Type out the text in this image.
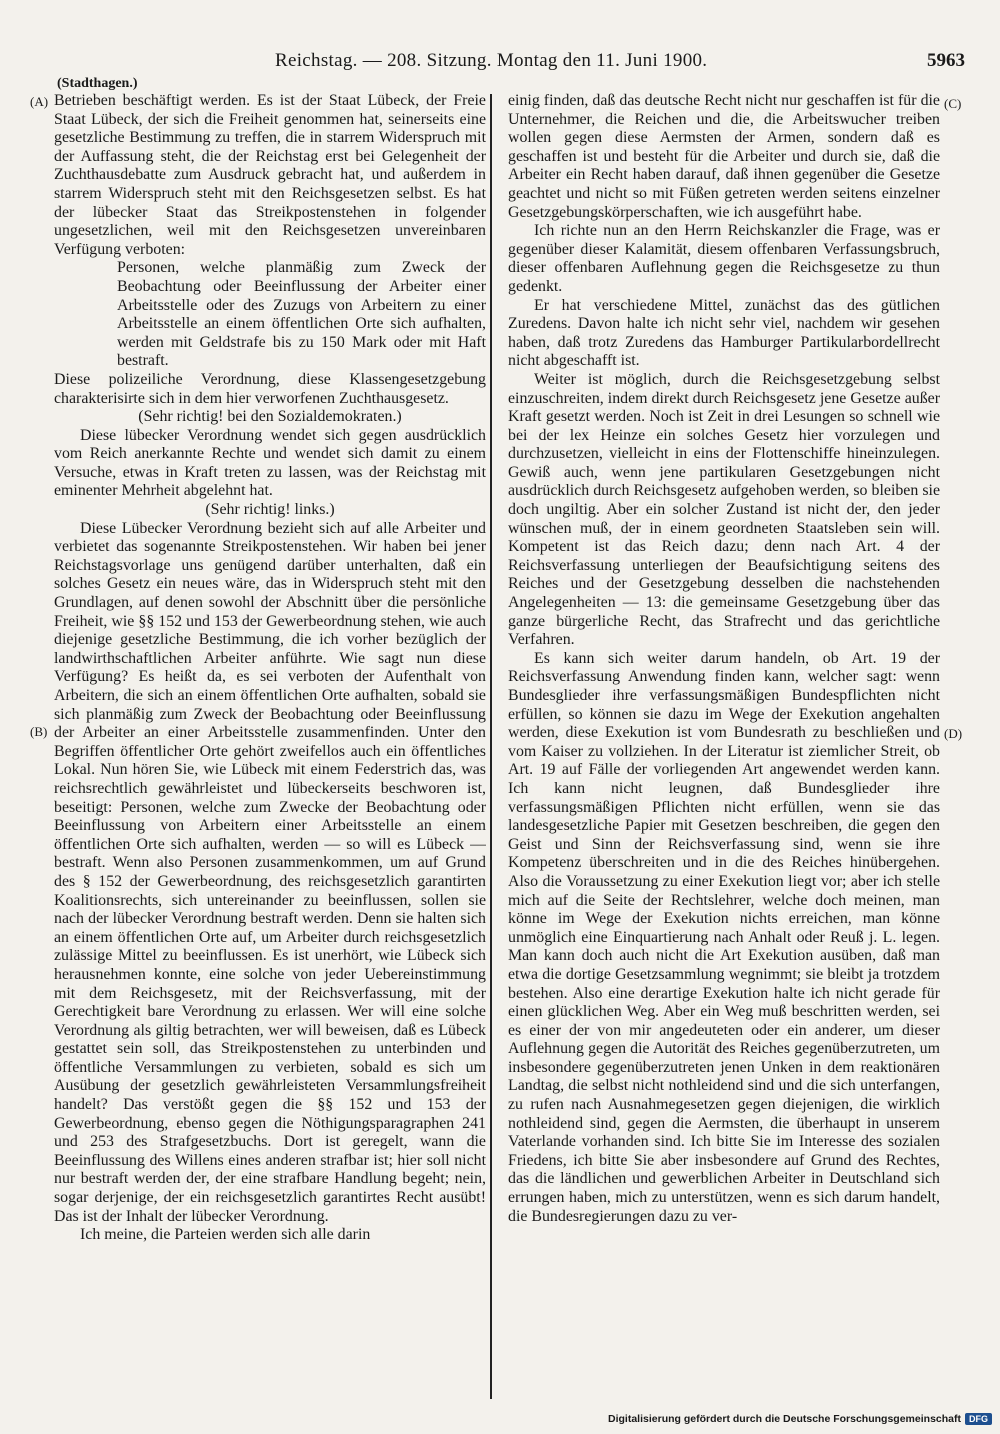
Reichstag. — 208. Sitzung. Montag den 11. Juni 1900.	5963
(Stadthagen.)
(A)
(B)
(C)
(D)

Betrieben beschäftigt werden. Es ist der Staat Lübeck, der Freie Staat Lübeck, der sich die Freiheit genommen hat, seinerseits eine gesetzliche Bestimmung zu treffen, die in starrem Widerspruch mit der Auffassung steht, die der Reichstag erst bei Gelegenheit der Zuchthausdebatte zum Ausdruck gebracht hat, und außerdem in starrem Widerspruch steht mit den Reichsgesetzen selbst. Es hat der lübecker Staat das Streikpostenstehen in folgender ungesetzlichen, weil mit den Reichsgesetzen unvereinbaren Verfügung verboten:

Personen, welche planmäßig zum Zweck der Beobachtung oder Beeinflussung der Arbeiter einer Arbeitsstelle oder des Zuzugs von Arbeitern zu einer Arbeitsstelle an einem öffentlichen Orte sich aufhalten, werden mit Geldstrafe bis zu 150 Mark oder mit Haft bestraft.

Diese polizeiliche Verordnung, diese Klassengesetzgebung charakterisirte sich in dem hier verworfenen Zuchthausgesetz.

(Sehr richtig! bei den Sozialdemokraten.)

Diese lübecker Verordnung wendet sich gegen ausdrücklich vom Reich anerkannte Rechte und wendet sich damit zu einem Versuche, etwas in Kraft treten zu lassen, was der Reichstag mit eminenter Mehrheit abgelehnt hat.

(Sehr richtig! links.)

Diese Lübecker Verordnung bezieht sich auf alle Arbeiter und verbietet das sogenannte Streikpostenstehen. Wir haben bei jener Reichstagsvorlage uns genügend darüber unterhalten, daß ein solches Gesetz ein neues wäre, das in Widerspruch steht mit den Grundlagen, auf denen sowohl der Abschnitt über die persönliche Freiheit, wie §§ 152 und 153 der Gewerbeordnung stehen, wie auch diejenige gesetzliche Bestimmung, die ich vorher bezüglich der landwirthschaftlichen Arbeiter anführte. Wie sagt nun diese Verfügung? Es heißt da, es sei verboten der Aufenthalt von Arbeitern, die sich an einem öffentlichen Orte aufhalten, sobald sie sich planmäßig zum Zweck der Beobachtung oder Beeinflussung der Arbeiter an einer Arbeitsstelle zusammenfinden. Unter den Begriffen öffentlicher Orte gehört zweifellos auch ein öffentliches Lokal. Nun hören Sie, wie Lübeck mit einem Federstrich das, was reichsrechtlich gewährleistet und lübeckerseits beschworen ist, beseitigt: Personen, welche zum Zwecke der Beobachtung oder Beeinflussung von Arbeitern einer Arbeitsstelle an einem öffentlichen Orte sich aufhalten, werden — so will es Lübeck — bestraft. Wenn also Personen zusammenkommen, um auf Grund des § 152 der Gewerbeordnung, des reichsgesetzlich garantirten Koalitionsrechts, sich untereinander zu beeinflussen, sollen sie nach der lübecker Verordnung bestraft werden. Denn sie halten sich an einem öffentlichen Orte auf, um Arbeiter durch reichsgesetzlich zulässige Mittel zu beeinflussen. Es ist unerhört, wie Lübeck sich herausnehmen konnte, eine solche von jeder Uebereinstimmung mit dem Reichsgesetz, mit der Reichsverfassung, mit der Gerechtigkeit bare Verordnung zu erlassen. Wer will eine solche Verordnung als giltig betrachten, wer will beweisen, daß es Lübeck gestattet sein soll, das Streikpostenstehen zu unterbinden und öffentliche Versammlungen zu verbieten, sobald es sich um Ausübung der gesetzlich gewährleisteten Versammlungsfreiheit handelt? Das verstößt gegen die §§ 152 und 153 der Gewerbeordnung, ebenso gegen die Nöthigungsparagraphen 241 und 253 des Strafgesetzbuchs. Dort ist geregelt, wann die Beeinflussung des Willens eines anderen strafbar ist; hier soll nicht nur bestraft werden der, der eine strafbare Handlung begeht; nein, sogar derjenige, der ein reichsgesetzlich garantirtes Recht ausübt! Das ist der Inhalt der lübecker Verordnung.

Ich meine, die Parteien werden sich alle darin

einig finden, daß das deutsche Recht nicht nur geschaffen ist für die Unternehmer, die Reichen und die, die Arbeitswucher treiben wollen gegen diese Aermsten der Armen, sondern daß es geschaffen ist und besteht für die Arbeiter und durch sie, daß die Arbeiter ein Recht haben darauf, daß ihnen gegenüber die Gesetze geachtet und nicht so mit Füßen getreten werden seitens einzelner Gesetzgebungskörperschaften, wie ich ausgeführt habe.

Ich richte nun an den Herrn Reichskanzler die Frage, was er gegenüber dieser Kalamität, diesem offenbaren Verfassungsbruch, dieser offenbaren Auflehnung gegen die Reichsgesetze zu thun gedenkt.

Er hat verschiedene Mittel, zunächst das des gütlichen Zuredens. Davon halte ich nicht sehr viel, nachdem wir gesehen haben, daß trotz Zuredens das Hamburger Partikularbordellrecht nicht abgeschafft ist.

Weiter ist möglich, durch die Reichsgesetzgebung selbst einzuschreiten, indem direkt durch Reichsgesetz jene Gesetze außer Kraft gesetzt werden. Noch ist Zeit in drei Lesungen so schnell wie bei der lex Heinze ein solches Gesetz hier vorzulegen und durchzusetzen, vielleicht in eins der Flottenschiffe hineinzulegen. Gewiß auch, wenn jene partikularen Gesetzgebungen nicht ausdrücklich durch Reichsgesetz aufgehoben werden, so bleiben sie doch ungiltig. Aber ein solcher Zustand ist nicht der, den jeder wünschen muß, der in einem geordneten Staatsleben sein will. Kompetent ist das Reich dazu; denn nach Art. 4 der Reichsverfassung unterliegen der Beaufsichtigung seitens des Reiches und der Gesetzgebung desselben die nachstehenden Angelegenheiten — 13: die gemeinsame Gesetzgebung über das ganze bürgerliche Recht, das Strafrecht und das gerichtliche Verfahren.

Es kann sich weiter darum handeln, ob Art. 19 der Reichsverfassung Anwendung finden kann, welcher sagt: wenn Bundesglieder ihre verfassungsmäßigen Bundespflichten nicht erfüllen, so können sie dazu im Wege der Exekution angehalten werden, diese Exekution ist vom Bundesrath zu beschließen und vom Kaiser zu vollziehen. In der Literatur ist ziemlicher Streit, ob Art. 19 auf Fälle der vorliegenden Art angewendet werden kann. Ich kann nicht leugnen, daß Bundesglieder ihre verfassungsmäßigen Pflichten nicht erfüllen, wenn sie das landesgesetzliche Papier mit Gesetzen beschreiben, die gegen den Geist und Sinn der Reichsverfassung sind, wenn sie ihre Kompetenz überschreiten und in die des Reiches hinübergehen. Also die Voraussetzung zu einer Exekution liegt vor; aber ich stelle mich auf die Seite der Rechtslehrer, welche doch meinen, man könne im Wege der Exekution nichts erreichen, man könne unmöglich eine Einquartierung nach Anhalt oder Reuß j. L. legen. Man kann doch auch nicht die Art Exekution ausüben, daß man etwa die dortige Gesetzsammlung wegnimmt; sie bleibt ja trotzdem bestehen. Also eine derartige Exekution halte ich nicht gerade für einen glücklichen Weg. Aber ein Weg muß beschritten werden, sei es einer der von mir angedeuteten oder ein anderer, um dieser Auflehnung gegen die Autorität des Reiches gegenüberzutreten, um insbesondere gegenüberzutreten jenen Unken in dem reaktionären Landtag, die selbst nicht nothleidend sind und die sich unterfangen, zu rufen nach Ausnahmegesetzen gegen diejenigen, die wirklich nothleidend sind, gegen die Aermsten, die überhaupt in unserem Vaterlande vorhanden sind. Ich bitte Sie im Interesse des sozialen Friedens, ich bitte Sie aber insbesondere auf Grund des Rechtes, das die ländlichen und gewerblichen Arbeiter in Deutschland sich errungen haben, mich zu unterstützen, wenn es sich darum handelt, die Bundesregierungen dazu zu ver-

Digitalisierung gefördert durch die Deutsche Forschungsgemeinschaft DFG
